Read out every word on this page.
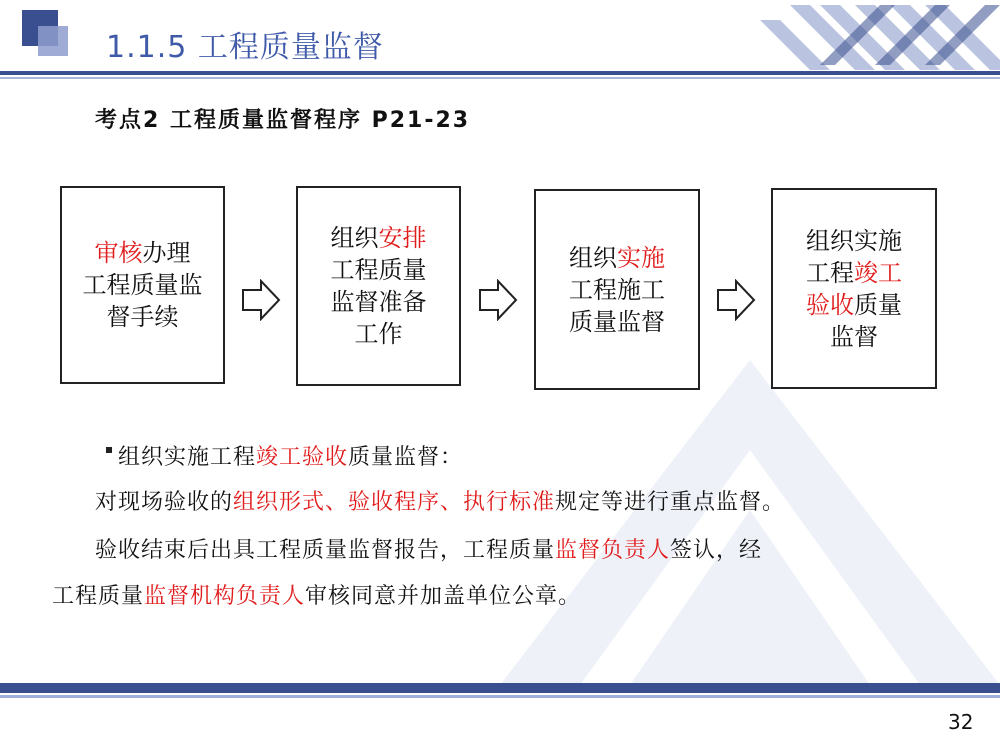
1.1.5 工程质量监督
考点2 工程质量监督程序 P21-23
审核办理
工程质量监
督手续
组织安排
工程质量
监督准备
工作
组织实施
工程施工
质量监督
组织实施
工程竣工
验收质量
监督
组织实施工程竣工验收质量监督：
对现场验收的组织形式、验收程序、执行标准规定等进行重点监督。
验收结束后出具工程质量监督报告，工程质量监督负责人签认，经
工程质量监督机构负责人审核同意并加盖单位公章。
32
